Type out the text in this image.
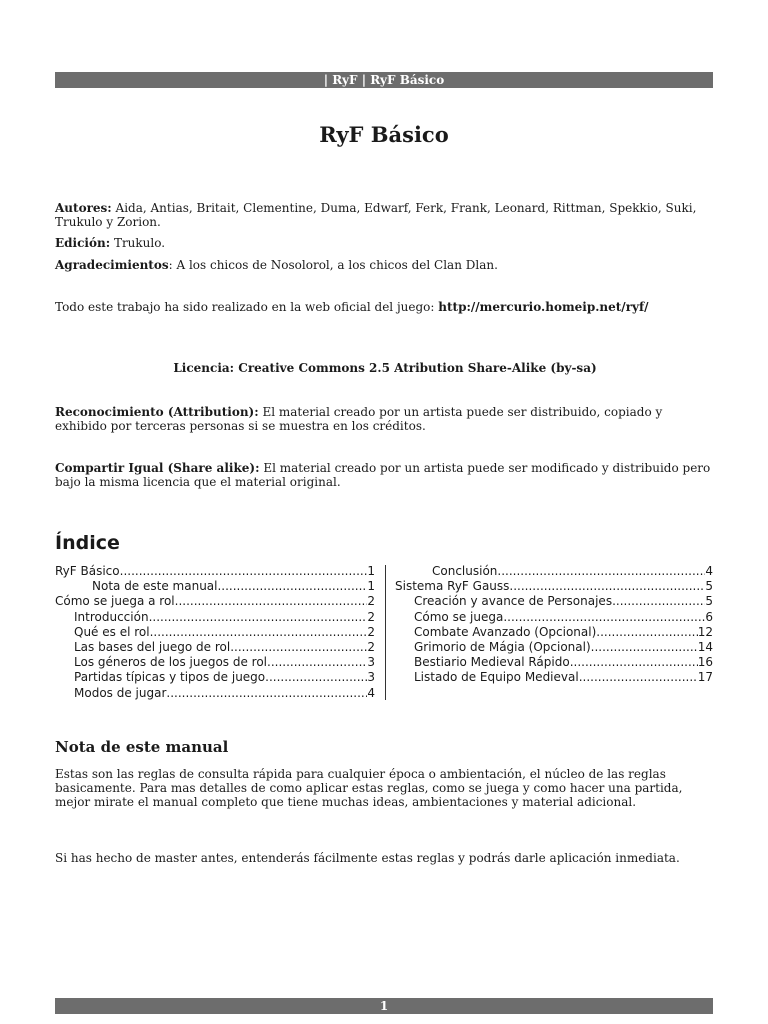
| RyF | RyF Básico
RyF Básico
Autores: Aida, Antias, Britait, Clementine, Duma, Edwarf, Ferk, Frank, Leonard, Rittman, Spekkio, Suki, Trukulo y Zorion.
Edición: Trukulo.
Agradecimientos: A los chicos de Nosolorol, a los chicos del Clan Dlan.
Todo este trabajo ha sido realizado en la web oficial del juego: http://mercurio.homeip.net/ryf/
Licencia: Creative Commons 2.5 Atribution Share-Alike (by-sa)
Reconocimiento (Attribution): El material creado por un artista puede ser distribuido, copiado y exhibido por terceras personas si se muestra en los créditos.
Compartir Igual (Share alike): El material creado por un artista puede ser modificado y distribuido pero bajo la misma licencia que el material original.
Índice
RyF Básico .....	1
Nota de este manual .....	1
Cómo se juega a rol .....	2
Introducción .....	2
Qué es el rol .....	2
Las bases del juego de rol .....	2
Los géneros de los juegos de rol .....	3
Partidas típicas y tipos de juego .....	3
Modos de jugar .....	4
Conclusión .....	4
Sistema RyF Gauss .....	5
Creación y avance de Personajes .....	5
Cómo se juega .....	6
Combate Avanzado (Opcional) .....	12
Grimorio de Mágia (Opcional) .....	14
Bestiario Medieval Rápido .....	16
Listado de Equipo Medieval .....	17
Nota de este manual
Estas son las reglas de consulta rápida para cualquier época o ambientación, el núcleo de las reglas basicamente. Para mas detalles de como aplicar estas reglas, como se juega y como hacer una partida, mejor mirate el manual completo que tiene muchas ideas, ambientaciones y material adicional.
Si has hecho de master antes, entenderás fácilmente estas reglas y podrás darle aplicación inmediata.
1
